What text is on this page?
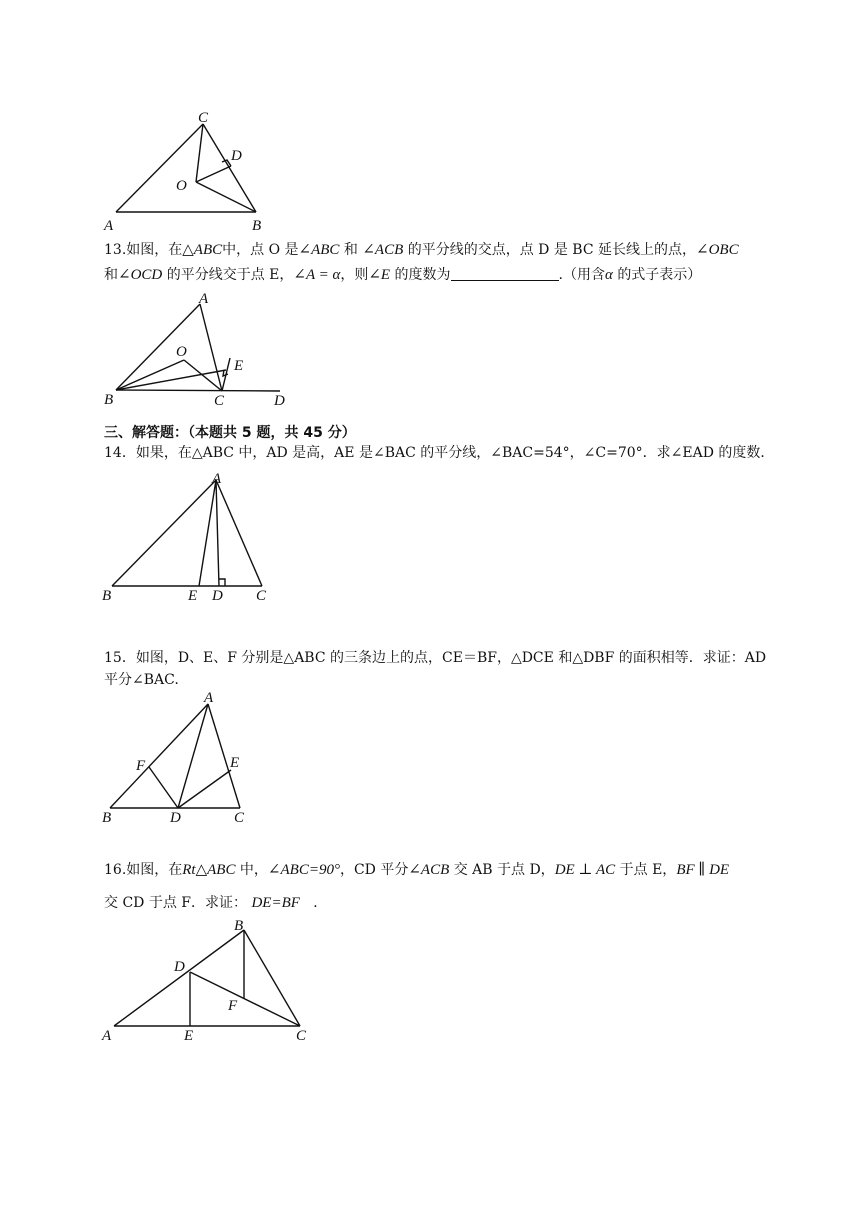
A	B
C
D
O
13.如图，在△ABC中，点 O 是∠ABC 和 ∠ACB 的平分线的交点，点 D 是 BC 延长线上的点，∠OBC
和∠OCD 的平分线交于点 E，∠A = α，则∠E 的度数为	.（用含α 的式子表示）
A
B	C	D
O
E
三、解答题：（本题共 5 题，共 45 分）
14．如果，在△ABC 中，AD 是高，AE 是∠BAC 的平分线，∠BAC=54°，∠C=70°．求∠EAD 的度数．
A
B	E D C
15．如图，D、E、F 分别是△ABC 的三条边上的点，CE＝BF，△DCE 和△DBF 的面积相等．求证：AD
平分∠BAC.
A
F	E
B	D	C
16.如图，在Rt△ABC 中，∠ABC=90°，CD 平分∠ACB 交 AB 于点 D，DE ⊥ AC 于点 E，BF ∥ DE
交 CD 于点 F．求证： DE=BF ．
B
D
F
A	E	C
